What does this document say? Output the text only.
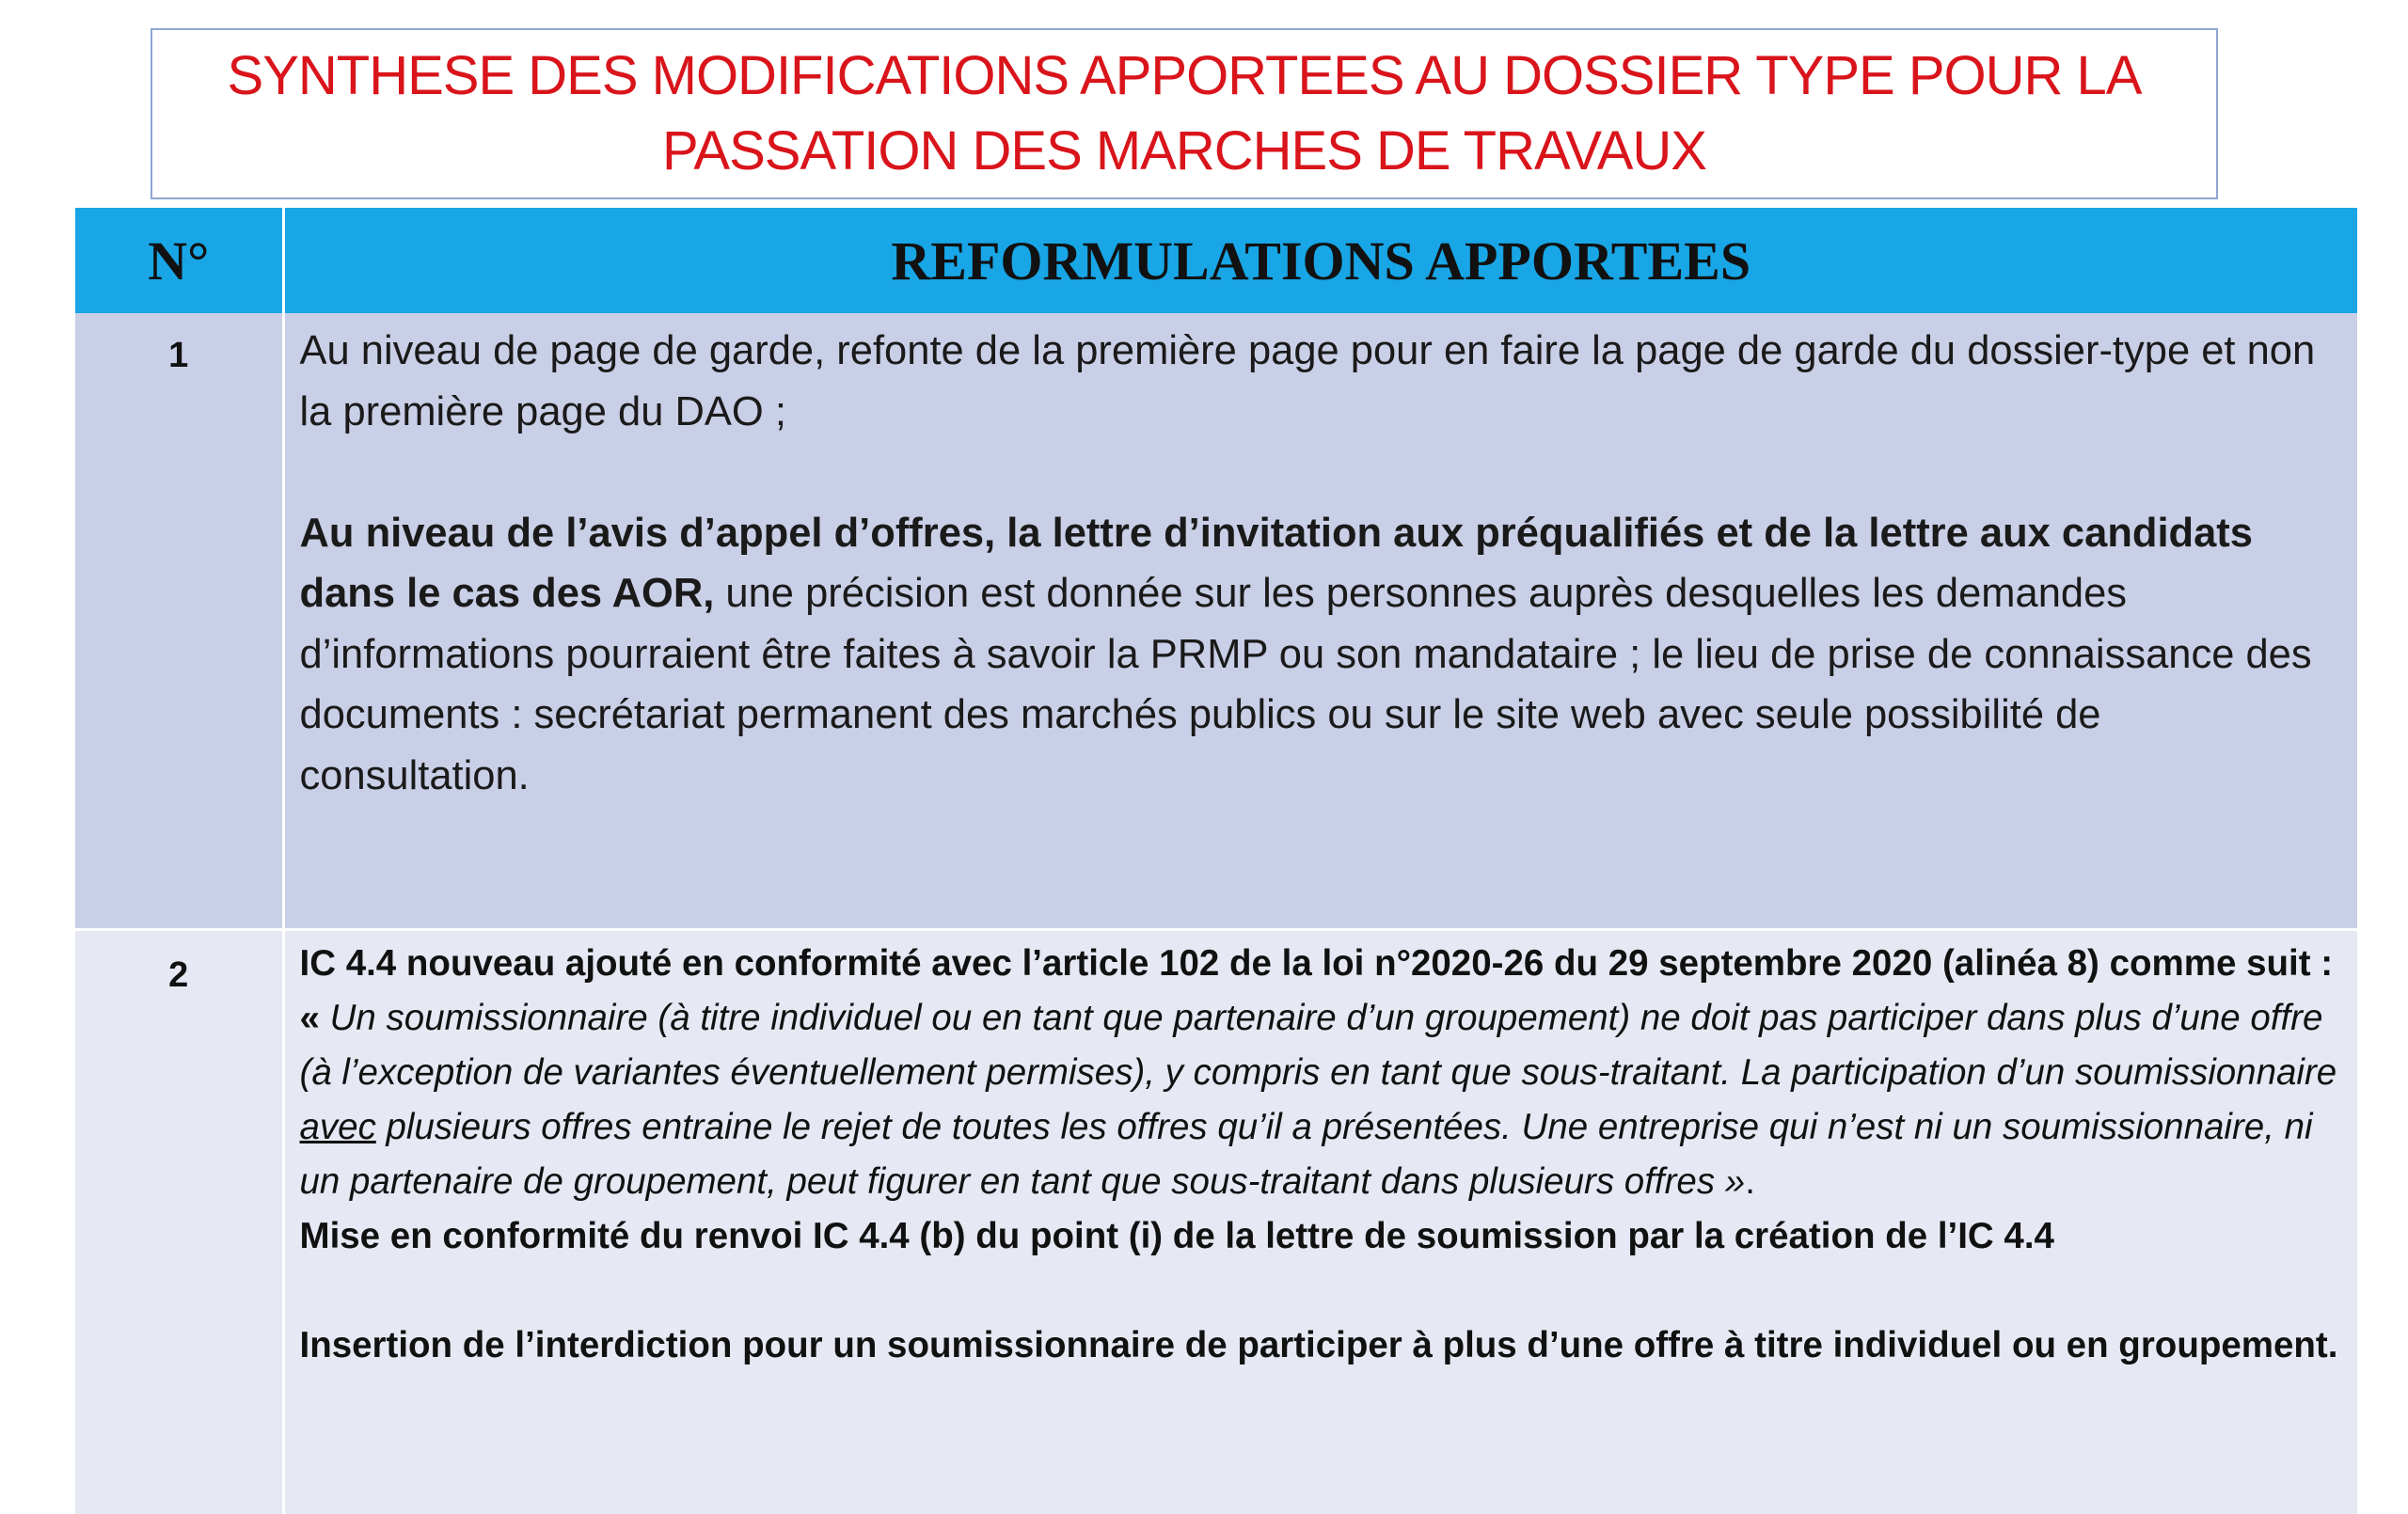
SYNTHESE DES MODIFICATIONS APPORTEES AU DOSSIER TYPE POUR LA
PASSATION DES MARCHES DE TRAVAUX
N°	REFORMULATIONS APPORTEES
1	Au niveau de page de garde, refonte de la première page pour en faire la page de garde du dossier-type et non la première page du DAO ;

Au niveau de l’avis d’appel d’offres, la lettre d’invitation aux préqualifiés et de la lettre aux candidats dans le cas des AOR, une précision est donnée sur les personnes auprès desquelles les demandes d’informations pourraient être faites à savoir la PRMP ou son mandataire ; le lieu de prise de connaissance des documents : secrétariat permanent des marchés publics ou sur le site web avec seule possibilité de consultation.

2	IC 4.4 nouveau ajouté en conformité avec l’article 102 de la loi n°2020-26 du 29 septembre 2020 (alinéa 8) comme suit : « Un soumissionnaire (à titre individuel ou en tant que partenaire d’un groupement) ne doit pas participer dans plus d’une offre (à l’exception de variantes éventuellement permises), y compris en tant que sous-traitant. La participation d’un soumissionnaire avec plusieurs offres entraine le rejet de toutes les offres qu’il a présentées. Une entreprise qui n’est ni un soumissionnaire, ni un partenaire de groupement, peut figurer en tant que sous-traitant dans plusieurs offres ».

Mise en conformité du renvoi IC 4.4 (b) du point (i) de la lettre de soumission par la création de l’IC 4.4

Insertion de l’interdiction pour un soumissionnaire de participer à plus d’une offre à titre individuel ou en groupement.
